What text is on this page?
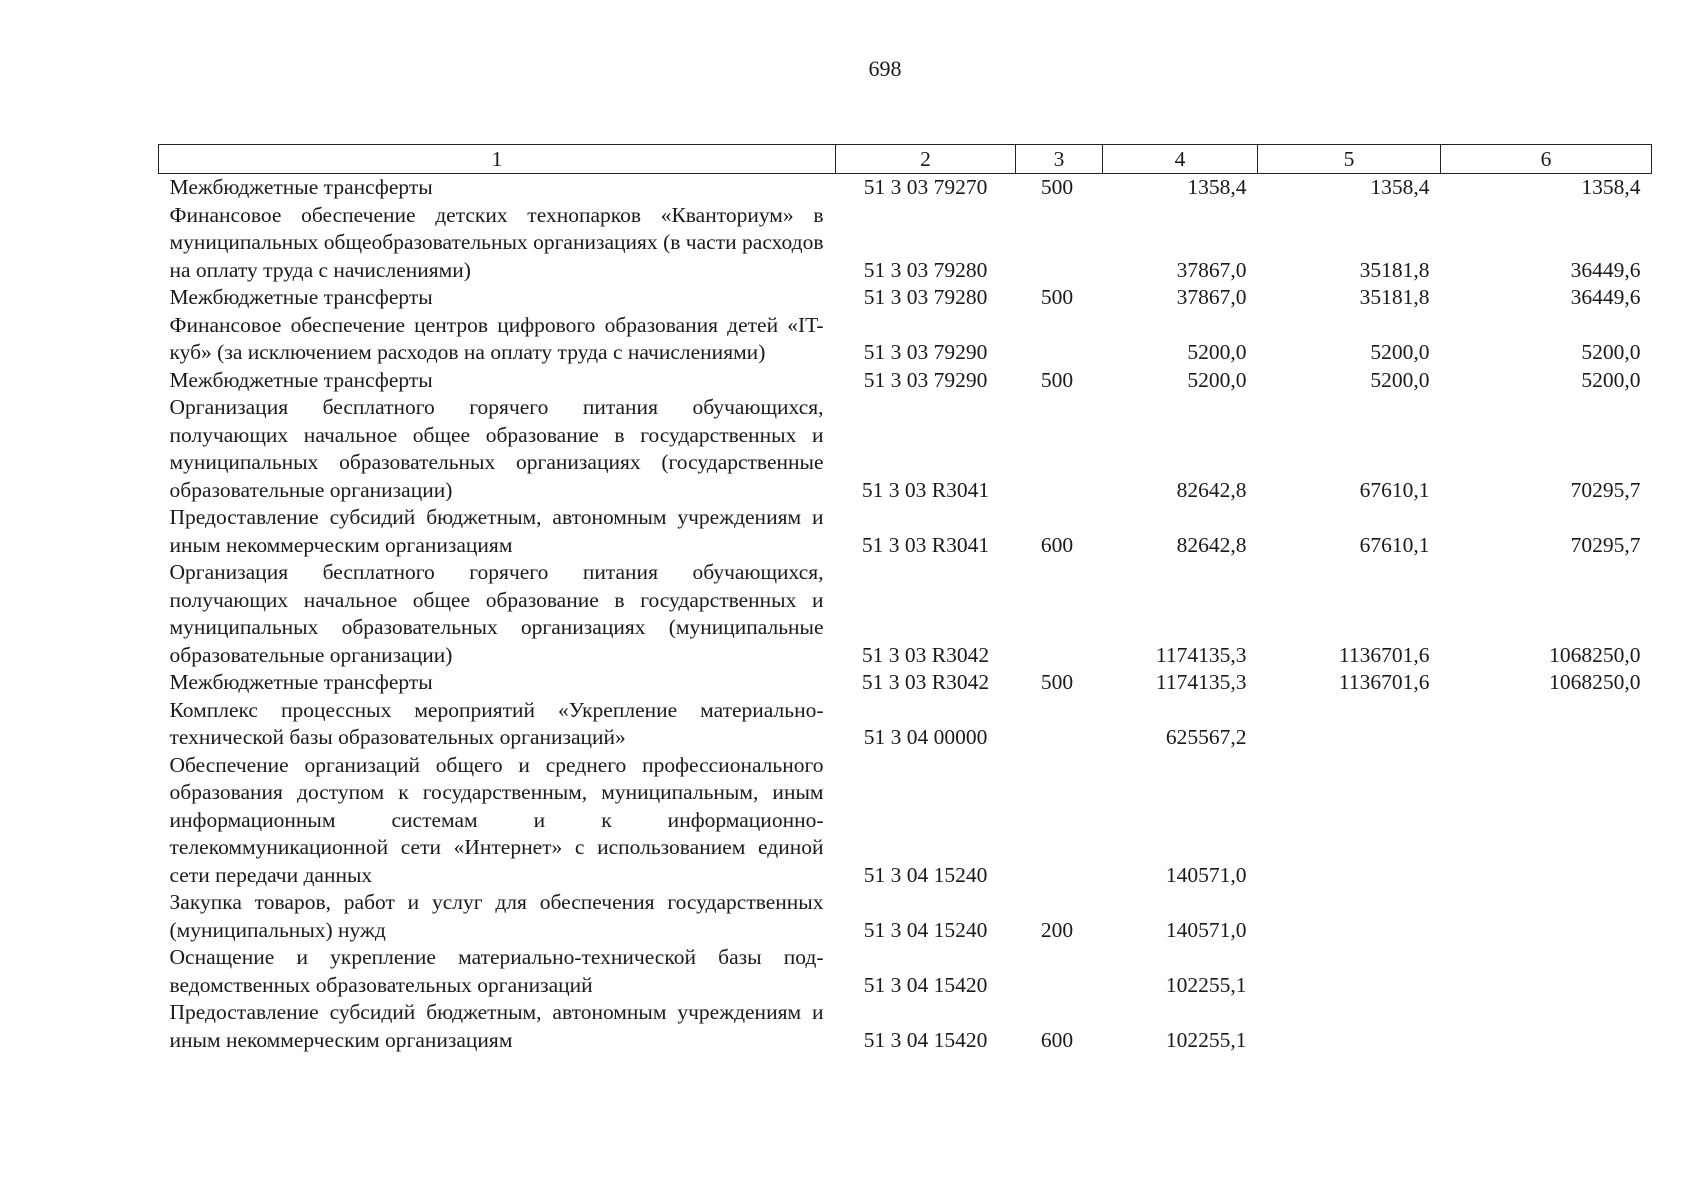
698
1	2	3	4	5	6
Межбюджетные трансферты	51 3 03 79270	500	1358,4	1358,4	1358,4
Финансовое обеспечение детских технопарков «Кванториум» в муниципальных общеобразовательных организациях (в части расходов на оплату труда с начислениями)	51 3 03 79280		37867,0	35181,8	36449,6
Межбюджетные трансферты	51 3 03 79280	500	37867,0	35181,8	36449,6
Финансовое обеспечение центров цифрового образования детей «IT-куб» (за исключением расходов на оплату труда с начислениями)	51 3 03 79290		5200,0	5200,0	5200,0
Межбюджетные трансферты	51 3 03 79290	500	5200,0	5200,0	5200,0
Организация бесплатного горячего питания обучающихся, получающих начальное общее образование в государственных и муниципальных образовательных организациях (государственные образовательные организации)	51 3 03 R3041		82642,8	67610,1	70295,7
Предоставление субсидий бюджетным, автономным учреждениям и иным некоммерческим организациям	51 3 03 R3041	600	82642,8	67610,1	70295,7
Организация бесплатного горячего питания обучающихся, получающих начальное общее образование в государственных и муниципальных образовательных организациях (муниципальные образовательные организации)	51 3 03 R3042		1174135,3	1136701,6	1068250,0
Межбюджетные трансферты	51 3 03 R3042	500	1174135,3	1136701,6	1068250,0
Комплекс процессных мероприятий «Укрепление материально-технической базы образовательных организаций»	51 3 04 00000		625567,2		
Обеспечение организаций общего и среднего профессионального образования доступом к государственным, муниципальным, иным информационным системам и к информационно-​телекоммуникационной сети «Интернет» с использованием единой сети передачи данных	51 3 04 15240		140571,0		
Закупка товаров, работ и услуг для обеспечения государственных (муниципальных) нужд	51 3 04 15240	200	140571,0		
Оснащение и укрепление материально-технической базы подведомственных образовательных организаций	51 3 04 15420		102255,1		
Предоставление субсидий бюджетным, автономным учреждениям и иным некоммерческим организациям	51 3 04 15420	600	102255,1		
